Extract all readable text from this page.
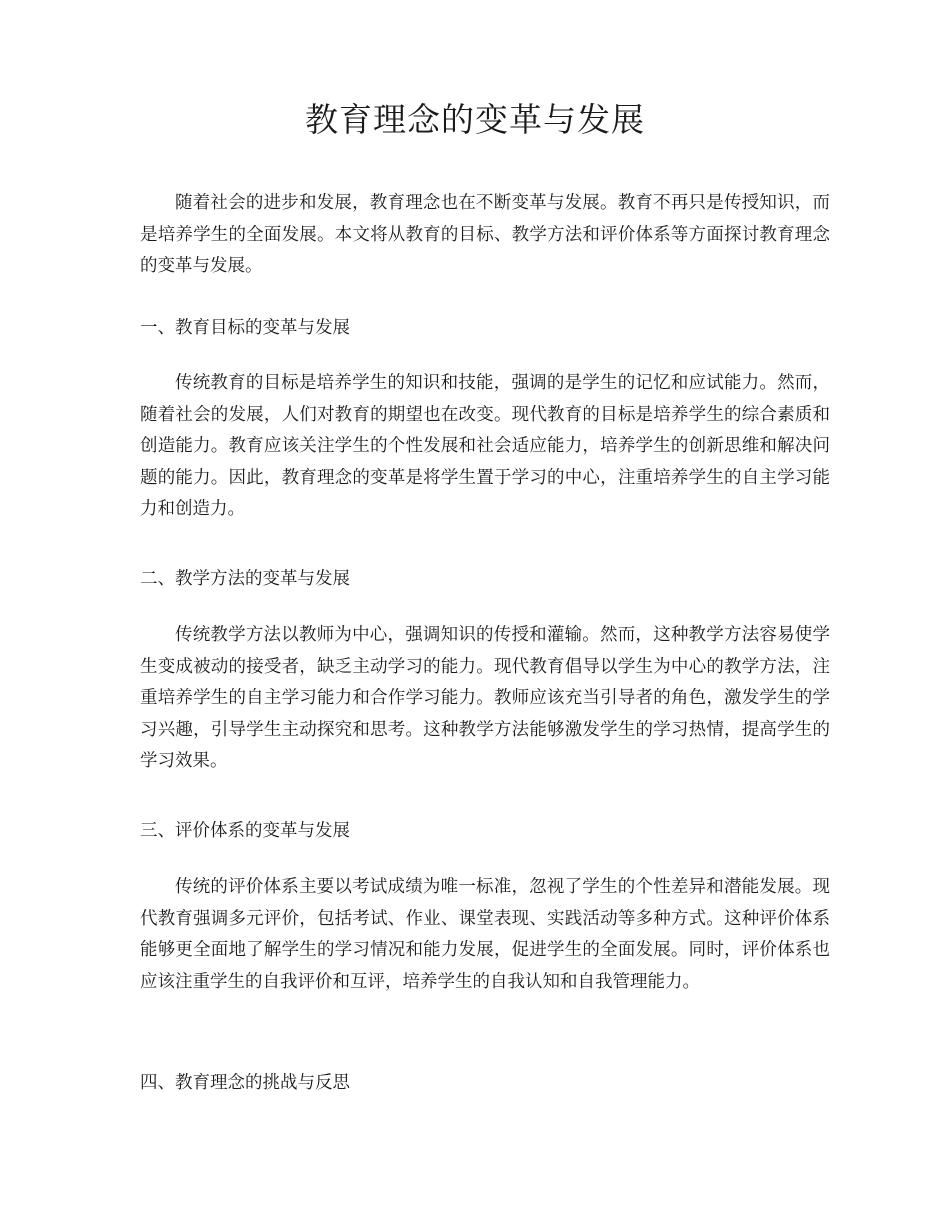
教育理念的变革与发展

随着社会的进步和发展，教育理念也在不断变革与发展。教育不再只是传授知识，而是培养学生的全面发展。本文将从教育的目标、教学方法和评价体系等方面探讨教育理念的变革与发展。

一、教育目标的变革与发展

传统教育的目标是培养学生的知识和技能，强调的是学生的记忆和应试能力。然而，随着社会的发展，人们对教育的期望也在改变。现代教育的目标是培养学生的综合素质和创造能力。教育应该关注学生的个性发展和社会适应能力，培养学生的创新思维和解决问题的能力。因此，教育理念的变革是将学生置于学习的中心，注重培养学生的自主学习能力和创造力。

二、教学方法的变革与发展

传统教学方法以教师为中心，强调知识的传授和灌输。然而，这种教学方法容易使学生变成被动的接受者，缺乏主动学习的能力。现代教育倡导以学生为中心的教学方法，注重培养学生的自主学习能力和合作学习能力。教师应该充当引导者的角色，激发学生的学习兴趣，引导学生主动探究和思考。这种教学方法能够激发学生的学习热情，提高学生的学习效果。

三、评价体系的变革与发展

传统的评价体系主要以考试成绩为唯一标准，忽视了学生的个性差异和潜能发展。现代教育强调多元评价，包括考试、作业、课堂表现、实践活动等多种方式。这种评价体系能够更全面地了解学生的学习情况和能力发展，促进学生的全面发展。同时，评价体系也应该注重学生的自我评价和互评，培养学生的自我认知和自我管理能力。

四、教育理念的挑战与反思
